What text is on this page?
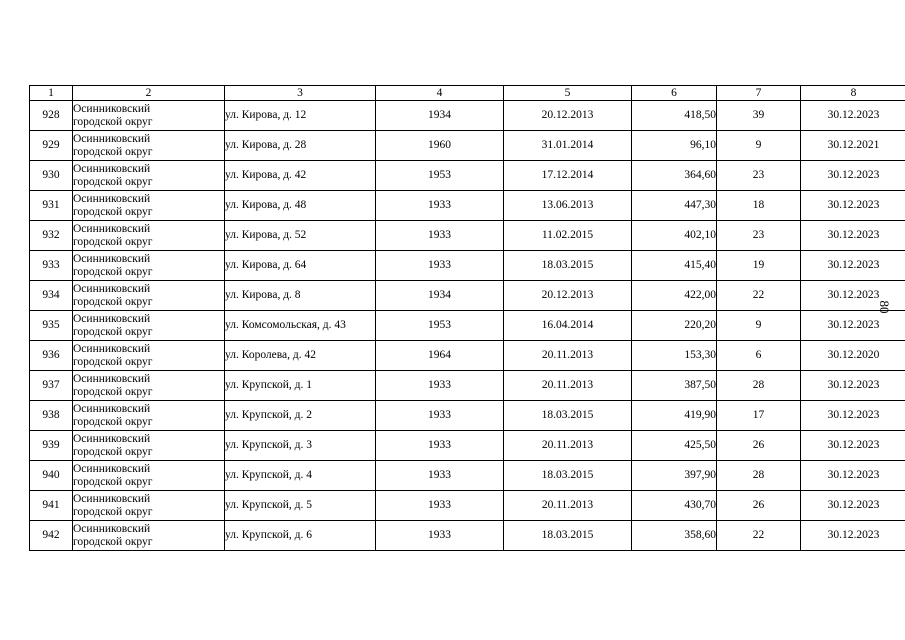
1	2	3	4	5	6	7	8
928	Осинниковский
городской округ	ул. Кирова, д. 12	1934	20.12.2013	418,50	39	30.12.2023
929	Осинниковский
городской округ	ул. Кирова, д. 28	1960	31.01.2014	96,10	9	30.12.2021
930	Осинниковский
городской округ	ул. Кирова, д. 42	1953	17.12.2014	364,60	23	30.12.2023
931	Осинниковский
городской округ	ул. Кирова, д. 48	1933	13.06.2013	447,30	18	30.12.2023
932	Осинниковский
городской округ	ул. Кирова, д. 52	1933	11.02.2015	402,10	23	30.12.2023
933	Осинниковский
городской округ	ул. Кирова, д. 64	1933	18.03.2015	415,40	19	30.12.2023
934	Осинниковский
городской округ	ул. Кирова, д. 8	1934	20.12.2013	422,00	22	30.12.2023
935	Осинниковский
городской округ	ул. Комсомольская, д. 43	1953	16.04.2014	220,20	9	30.12.2023
936	Осинниковский
городской округ	ул. Королева, д. 42	1964	20.11.2013	153,30	6	30.12.2020
937	Осинниковский
городской округ	ул. Крупской, д. 1	1933	20.11.2013	387,50	28	30.12.2023
938	Осинниковский
городской округ	ул. Крупской, д. 2	1933	18.03.2015	419,90	17	30.12.2023
939	Осинниковский
городской округ	ул. Крупской, д. 3	1933	20.11.2013	425,50	26	30.12.2023
940	Осинниковский
городской округ	ул. Крупской, д. 4	1933	18.03.2015	397,90	28	30.12.2023
941	Осинниковский
городской округ	ул. Крупской, д. 5	1933	20.11.2013	430,70	26	30.12.2023
942	Осинниковский
городской округ	ул. Крупской, д. 6	1933	18.03.2015	358,60	22	30.12.2023
80
